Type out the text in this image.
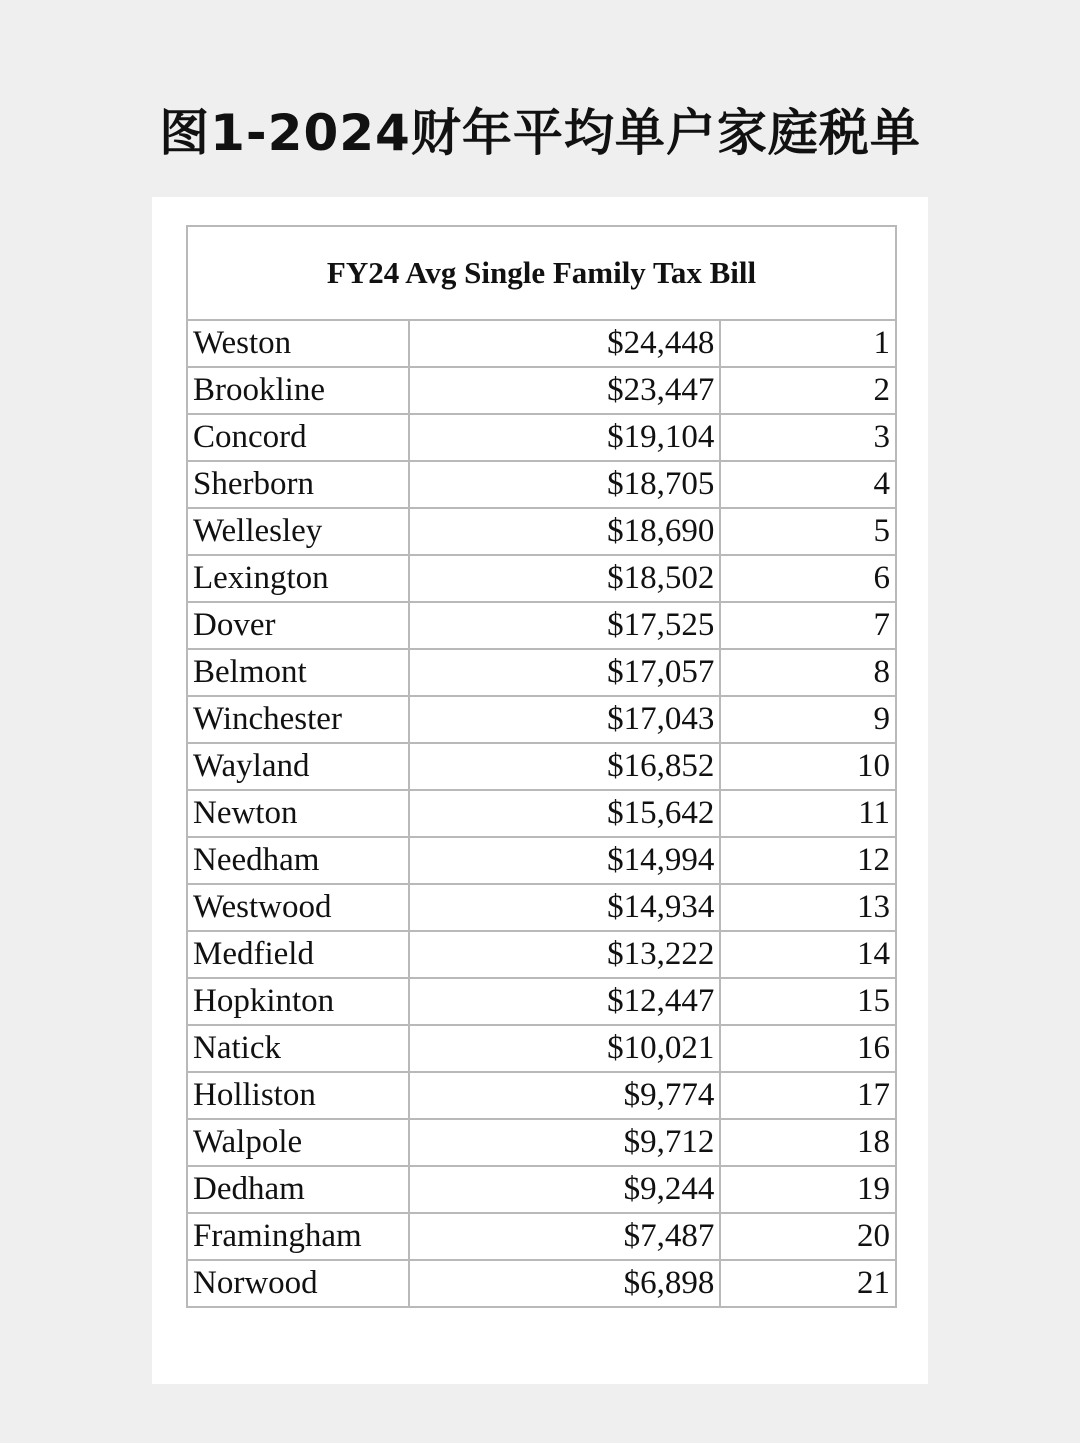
图1-2024财年平均单户家庭税单
FY24 Avg Single Family Tax Bill		
Weston	$24,448	1
Brookline	$23,447	2
Concord	$19,104	3
Sherborn	$18,705	4
Wellesley	$18,690	5
Lexington	$18,502	6
Dover	$17,525	7
Belmont	$17,057	8
Winchester	$17,043	9
Wayland	$16,852	10
Newton	$15,642	11
Needham	$14,994	12
Westwood	$14,934	13
Medfield	$13,222	14
Hopkinton	$12,447	15
Natick	$10,021	16
Holliston	$9,774	17
Walpole	$9,712	18
Dedham	$9,244	19
Framingham	$7,487	20
Norwood	$6,898	21
